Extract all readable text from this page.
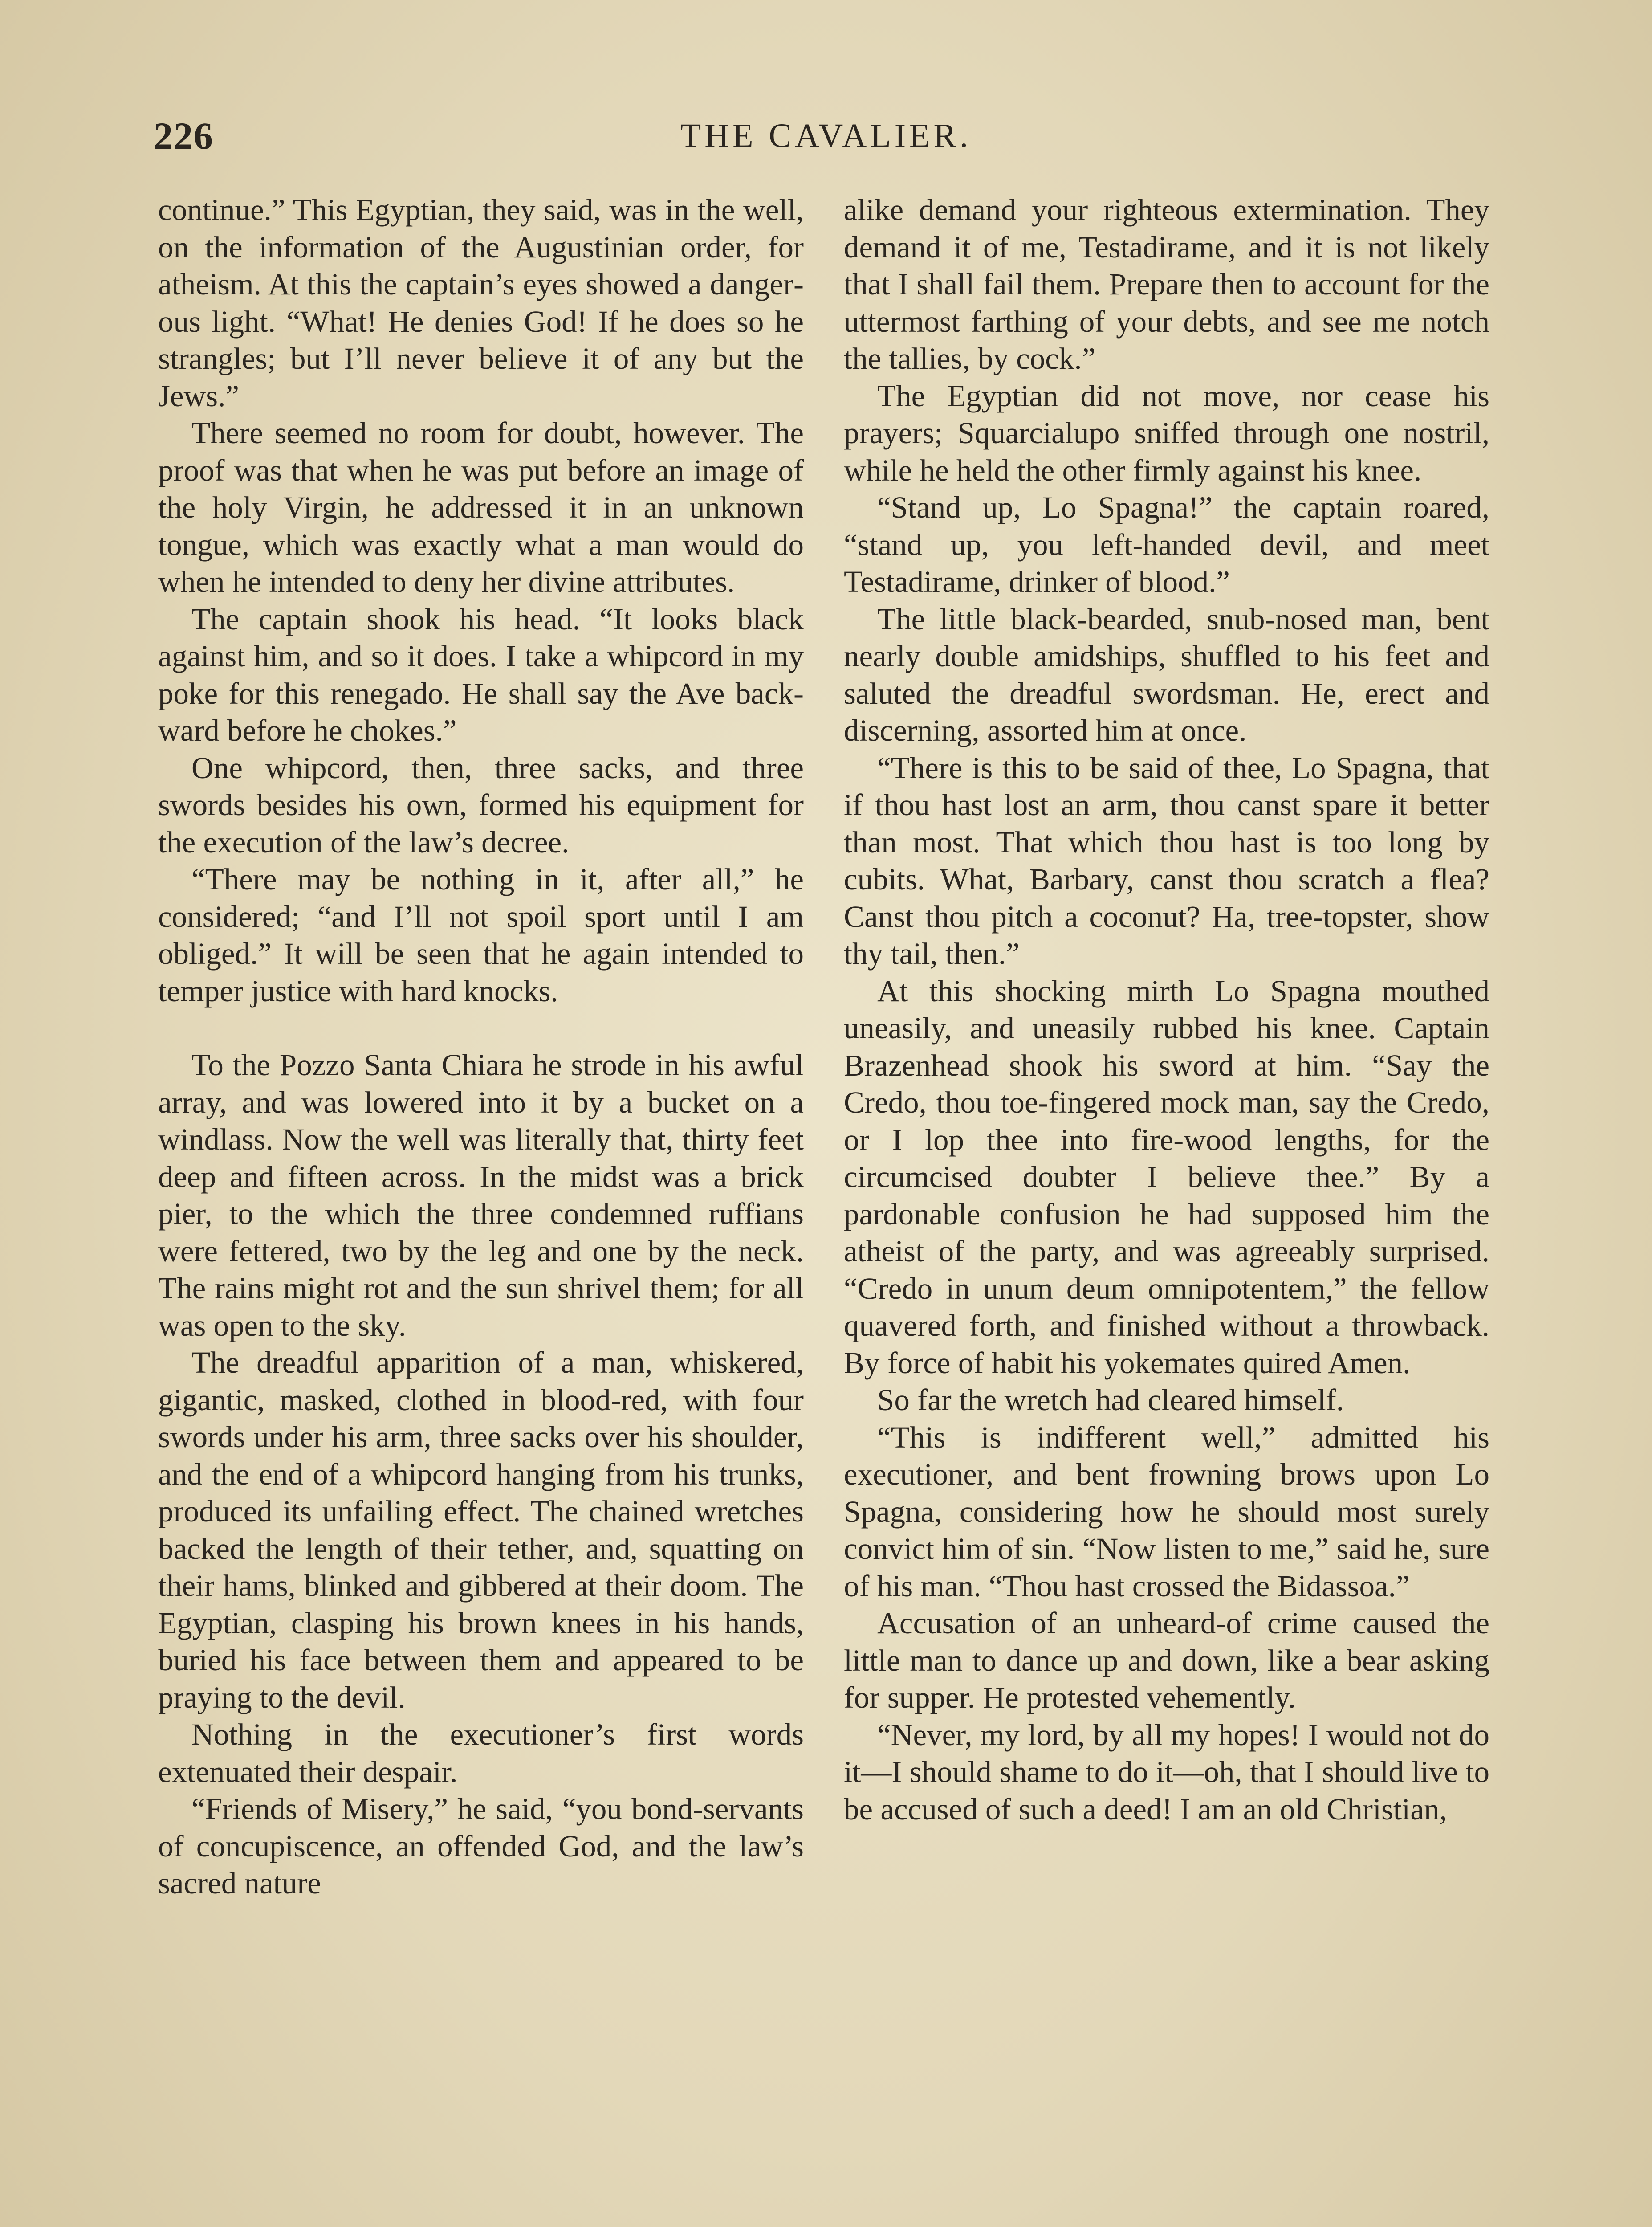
226	THE CAVALIER.

continue.” This Egyptian, they said, was in the well, on the information of the Augustinian order, for atheism. At this the captain’s eyes showed a dangerous light. “What! He denies God! If he does so he strangles; but I’ll never believe it of any but the Jews.”

There seemed no room for doubt, however. The proof was that when he was put before an image of the holy Virgin, he addressed it in an unknown tongue, which was exactly what a man would do when he intended to deny her divine attributes.

The captain shook his head. “It looks black against him, and so it does. I take a whipcord in my poke for this renegado. He shall say the Ave backward before he chokes.”

One whipcord, then, three sacks, and three swords besides his own, formed his equipment for the execution of the law’s decree.

“There may be nothing in it, after all,” he considered; “and I’ll not spoil sport until I am obliged.” It will be seen that he again intended to temper justice with hard knocks.

To the Pozzo Santa Chiara he strode in his awful array, and was lowered into it by a bucket on a windlass. Now the well was literally that, thirty feet deep and fifteen across. In the midst was a brick pier, to the which the three condemned ruffians were fettered, two by the leg and one by the neck. The rains might rot and the sun shrivel them; for all was open to the sky.

The dreadful apparition of a man, whiskered, gigantic, masked, clothed in blood-red, with four swords under his arm, three sacks over his shoulder, and the end of a whipcord hanging from his trunks, produced its unfailing effect. The chained wretches backed the length of their tether, and, squatting on their hams, blinked and gibbered at their doom. The Egyptian, clasping his brown knees in his hands, buried his face between them and appeared to be praying to the devil.

Nothing in the executioner’s first words extenuated their despair.

“Friends of Misery,” he said, “you bond-servants of concupiscence, an offended God, and the law’s sacred nature

alike demand your righteous extermination. They demand it of me, Testadirame, and it is not likely that I shall fail them. Prepare then to account for the uttermost farthing of your debts, and see me notch the tallies, by cock.”

The Egyptian did not move, nor cease his prayers; Squarcialupo sniffed through one nostril, while he held the other firmly against his knee.

“Stand up, Lo Spagna!” the captain roared, “stand up, you left-handed devil, and meet Testadirame, drinker of blood.”

The little black-bearded, snub-nosed man, bent nearly double amidships, shuffled to his feet and saluted the dreadful swordsman. He, erect and discerning, assorted him at once.

“There is this to be said of thee, Lo Spagna, that if thou hast lost an arm, thou canst spare it better than most. That which thou hast is too long by cubits. What, Barbary, canst thou scratch a flea? Canst thou pitch a coconut? Ha, tree-topster, show thy tail, then.”

At this shocking mirth Lo Spagna mouthed uneasily, and uneasily rubbed his knee. Captain Brazenhead shook his sword at him. “Say the Credo, thou toe-fingered mock man, say the Credo, or I lop thee into fire-wood lengths, for the circumcised doubter I believe thee.” By a pardonable confusion he had supposed him the atheist of the party, and was agreeably surprised. “Credo in unum deum omnipotentem,” the fellow quavered forth, and finished without a throwback. By force of habit his yokemates quired Amen.

So far the wretch had cleared himself.

“This is indifferent well,” admitted his executioner, and bent frowning brows upon Lo Spagna, considering how he should most surely convict him of sin. “Now listen to me,” said he, sure of his man. “Thou hast crossed the Bidassoa.”

Accusation of an unheard-of crime caused the little man to dance up and down, like a bear asking for supper. He protested vehemently.

“Never, my lord, by all my hopes! I would not do it—I should shame to do it—oh, that I should live to be accused of such a deed! I am an old Christian,
